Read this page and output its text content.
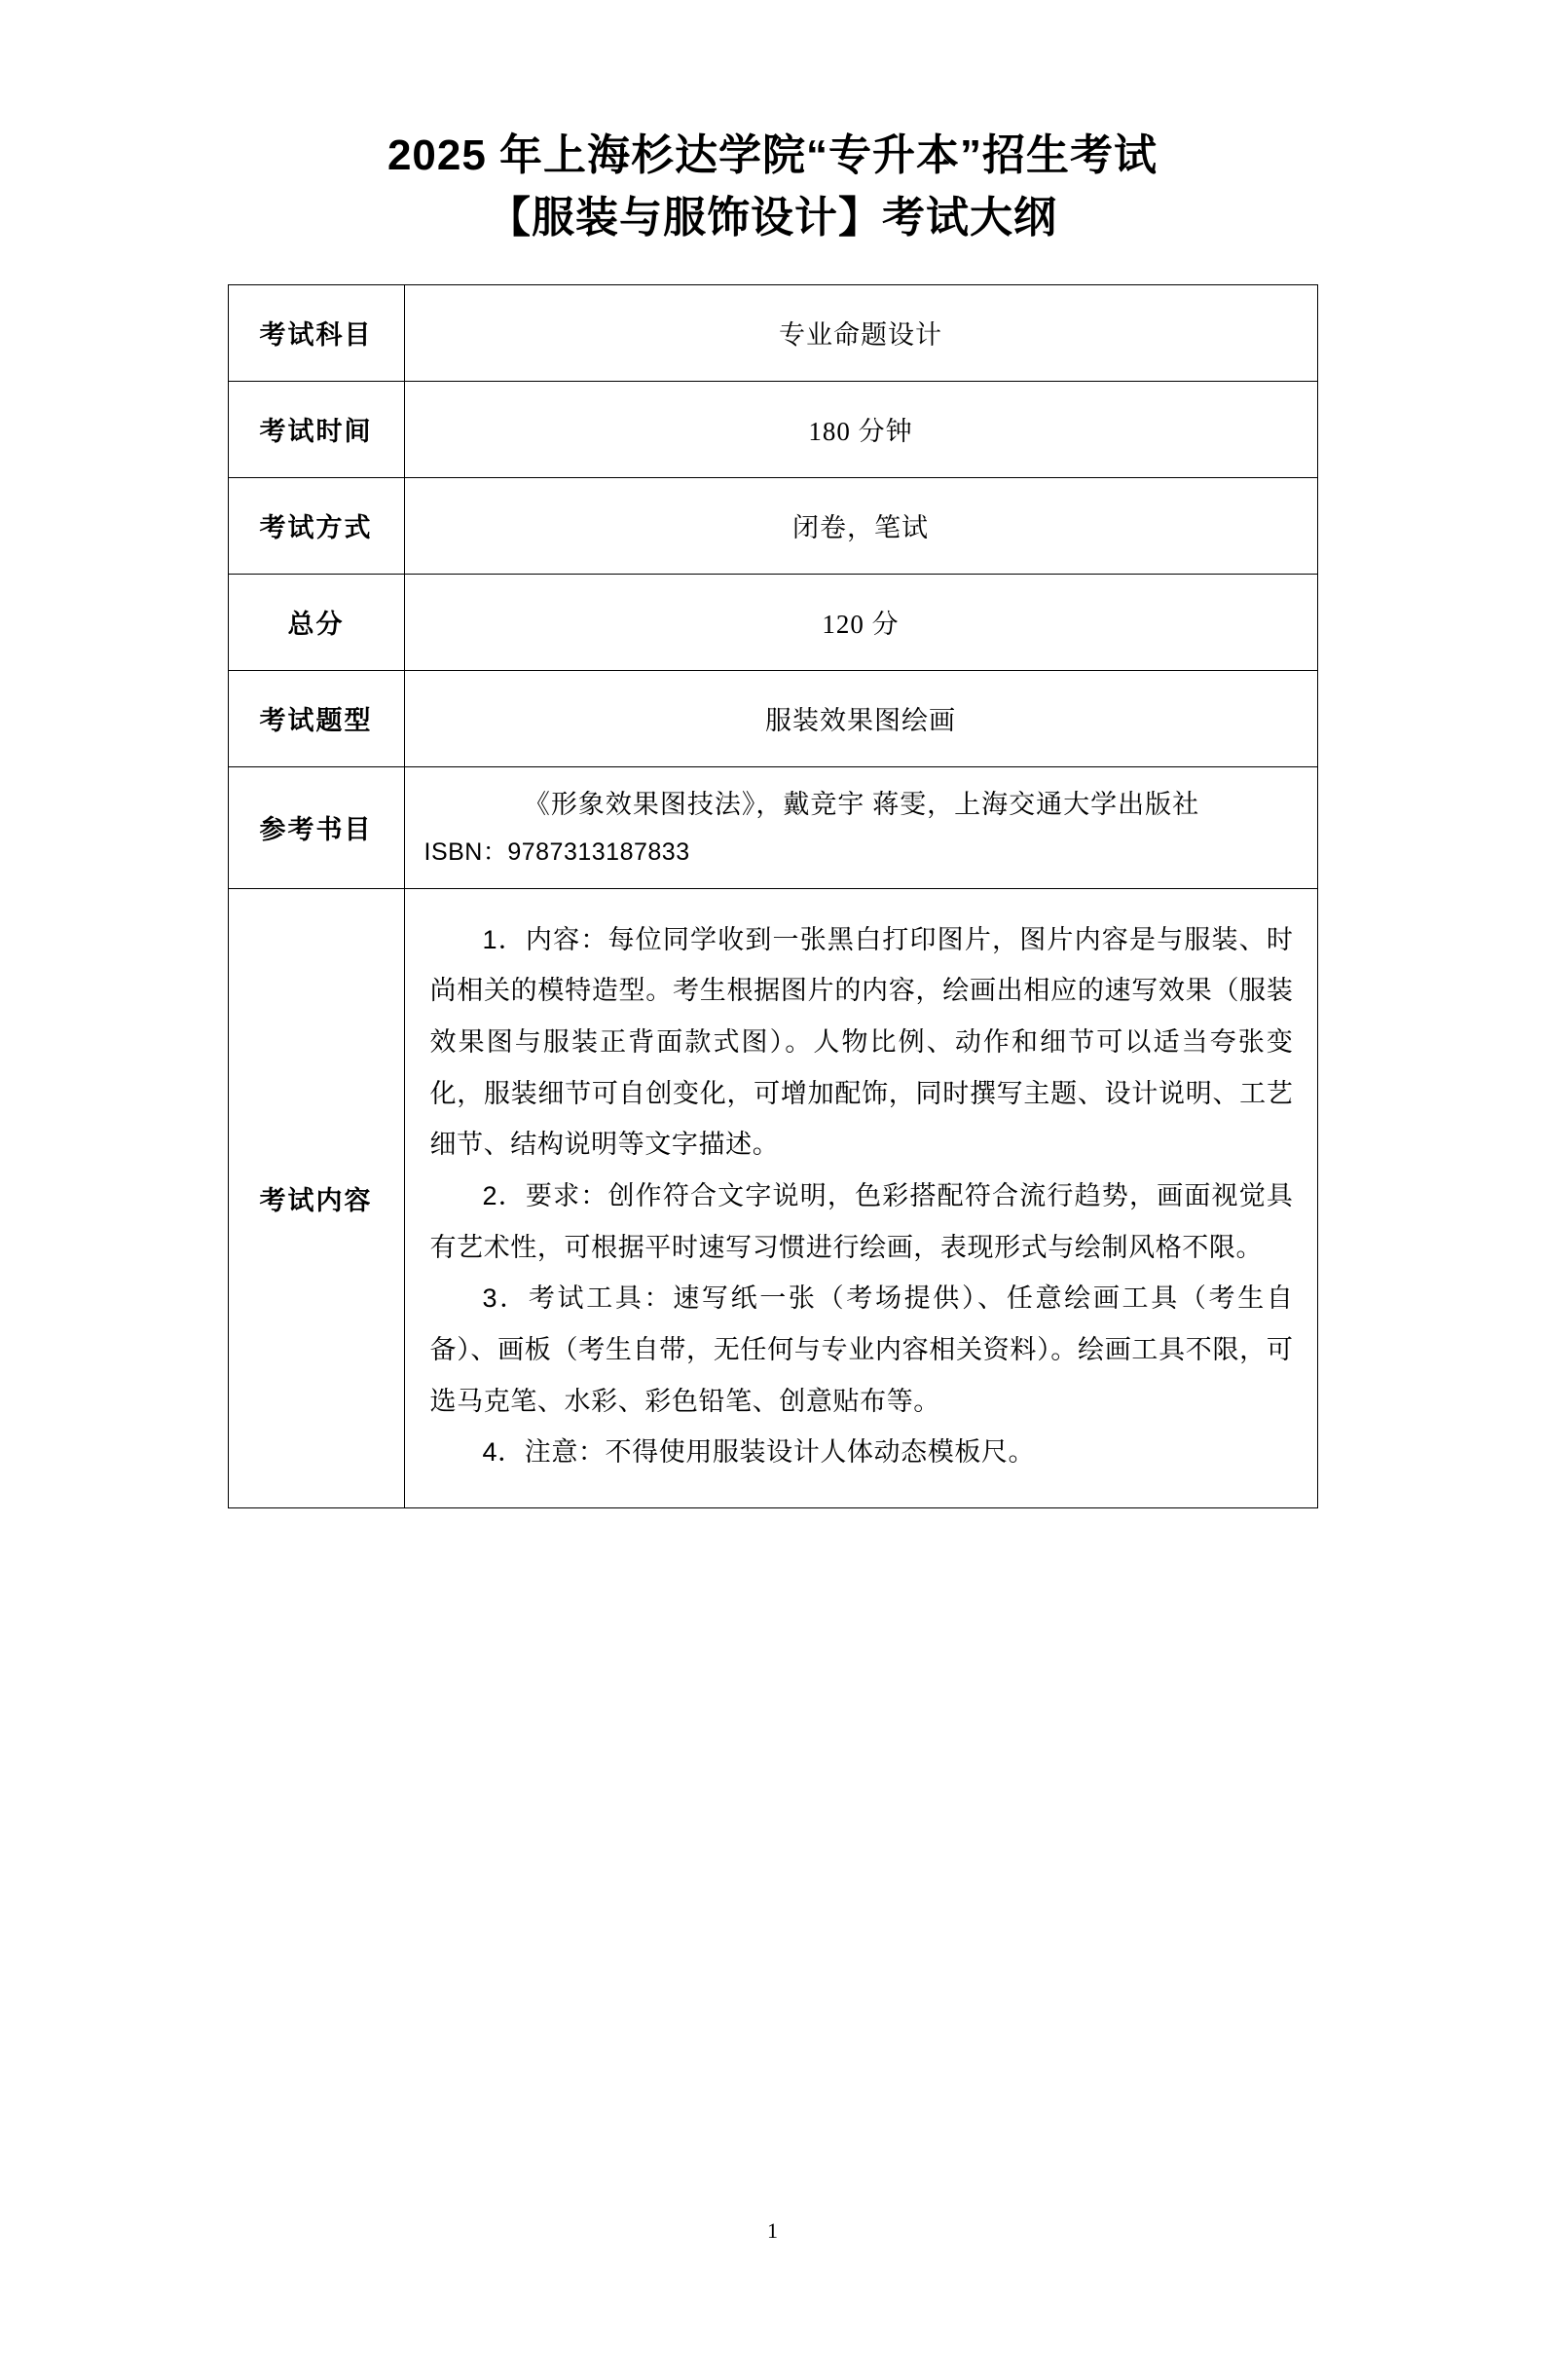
2025 年上海杉达学院“专升本”招生考试
【服装与服饰设计】考试大纲
考试科目	专业命题设计
考试时间	180 分钟
考试方式	闭卷，笔试
总分	120 分
考试题型	服装效果图绘画
参考书目	《形象效果图技法》，戴竞宇 蒋雯，上海交通大学出版社
ISBN：9787313187833

考试内容	1．内容：每位同学收到一张黑白打印图片，图片内容是与服装、时尚相关的模特造型。考生根据图片的内容，绘画出相应的速写效果（服装效果图与服装正背面款式图）。人物比例、动作和细节可以适当夸张变化，服装细节可自创变化，可增加配饰，同时撰写主题、设计说明、工艺细节、结构说明等文字描述。

2．要求：创作符合文字说明，色彩搭配符合流行趋势，画面视觉具有艺术性，可根据平时速写习惯进行绘画，表现形式与绘制风格不限。

3．考试工具：速写纸一张（考场提供）、任意绘画工具（考生自备）、画板（考生自带，无任何与专业内容相关资料）。绘画工具不限，可选马克笔、水彩、彩色铅笔、创意贴布等。

4．注意：不得使用服装设计人体动态模板尺。

1
